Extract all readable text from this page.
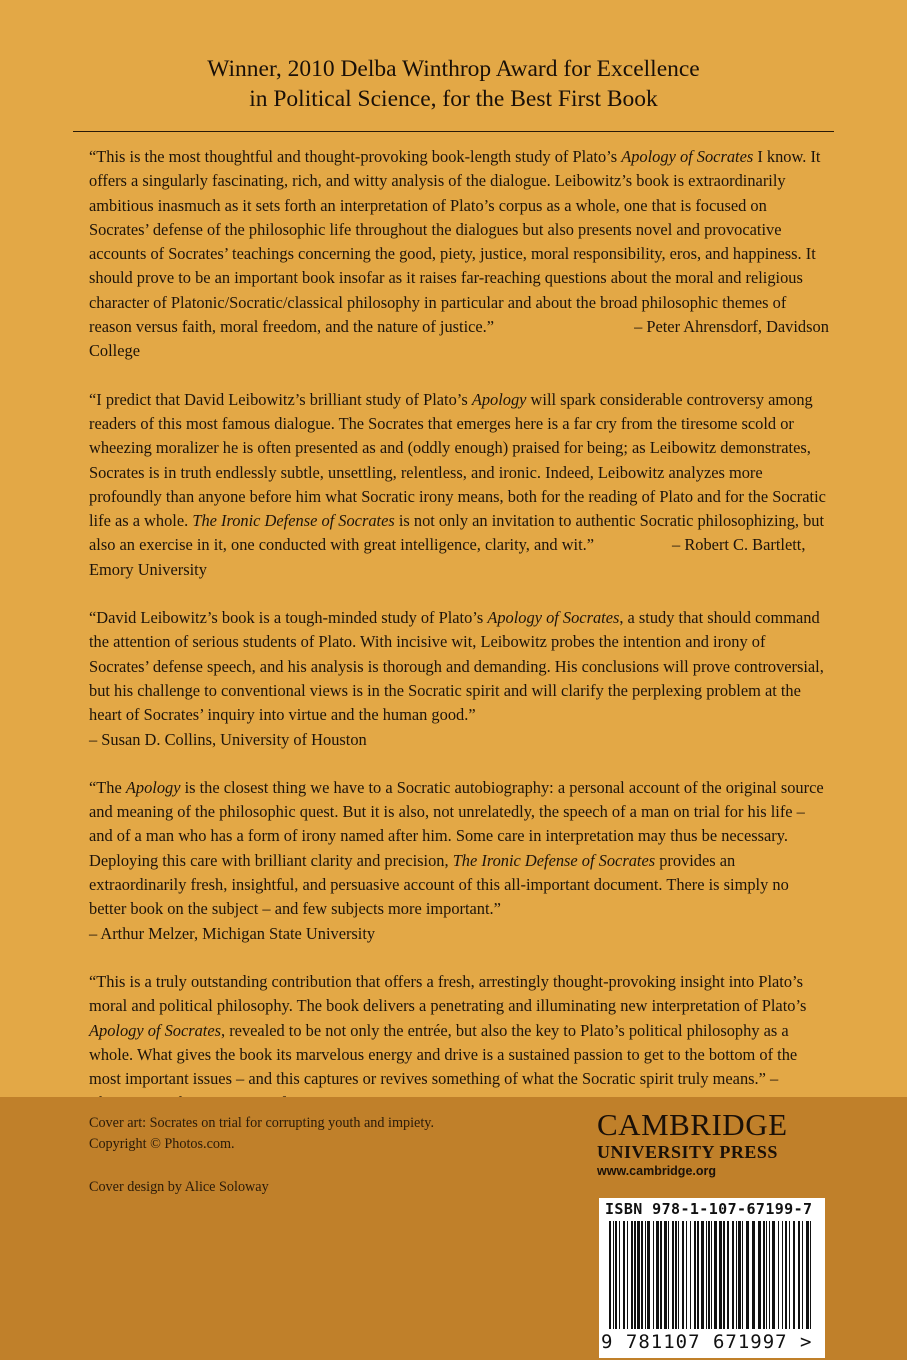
Winner, 2010 Delba Winthrop Award for Excellence
in Political Science, for the Best First Book

“This is the most thoughtful and thought-provoking book-length study of Plato’s Apology of Socrates I know. It offers a singularly fascinating, rich, and witty analysis of the dialogue. Leibowitz’s book is extraordinarily ambitious inasmuch as it sets forth an interpretation of Plato’s corpus as a whole, one that is focused on Socrates’ defense of the philosophic life throughout the dialogues but also presents novel and provocative accounts of Socrates’ teachings concerning the good, piety, justice, moral responsibility, eros, and happiness. It should prove to be an important book insofar as it raises far-reaching questions about the moral and religious character of Platonic/Socratic/classical philosophy in particular and about the broad philosophic themes of reason versus faith, moral freedom, and the nature of justice.”	– Peter Ahrensdorf, Davidson College

“I predict that David Leibowitz’s brilliant study of Plato’s Apology will spark considerable controversy among readers of this most famous dialogue. The Socrates that emerges here is a far cry from the tiresome scold or wheezing moralizer he is often presented as and (oddly enough) praised for being; as Leibowitz demonstrates, Socrates is in truth endlessly subtle, unsettling, relentless, and ironic. Indeed, Leibowitz analyzes more profoundly than anyone before him what Socratic irony means, both for the reading of Plato and for the Socratic life as a whole. The Ironic Defense of Socrates is not only an invitation to authentic Socratic philosophizing, but also an exercise in it, one conducted with great intelligence, clarity, and wit.”	– Robert C. Bartlett, Emory University

“David Leibowitz’s book is a tough-minded study of Plato’s Apology of Socrates, a study that should command the attention of serious students of Plato. With incisive wit, Leibowitz probes the intention and irony of Socrates’ defense speech, and his analysis is thorough and demanding. His conclusions will prove controversial, but his challenge to conventional views is in the Socratic spirit and will clarify the perplexing problem at the heart of Socrates’ inquiry into virtue and the human good.”

– Susan D. Collins, University of Houston

“The Apology is the closest thing we have to a Socratic autobiography: a personal account of the original source and meaning of the philosophic quest. But it is also, not unrelatedly, the speech of a man on trial for his life – and of a man who has a form of irony named after him. Some care in interpretation may thus be necessary. Deploying this care with brilliant clarity and precision, The Ironic Defense of Socrates provides an extraordinarily fresh, insightful, and persuasive account of this all-important document. There is simply no better book on the subject – and few subjects more important.”

– Arthur Melzer, Michigan State University

“This is a truly outstanding contribution that offers a fresh, arrestingly thought-provoking insight into Plato’s moral and political philosophy. The book delivers a penetrating and illuminating new interpretation of Plato’s Apology of Socrates, revealed to be not only the entrée, but also the key to Plato’s political philosophy as a whole. What gives the book its marvelous energy and drive is a sustained passion to get to the bottom of the most important issues – and this captures or revives something of what the Socratic spirit truly means.” –

Cover art: Socrates on trial for corrupting youth and impiety.
Copyright © Photos.com.
Cover design by Alice Soloway
CAMBRIDGE
UNIVERSITY PRESS
www.cambridge.org
ISBN 978-1-107-67199-7
9 781107 671997 >
